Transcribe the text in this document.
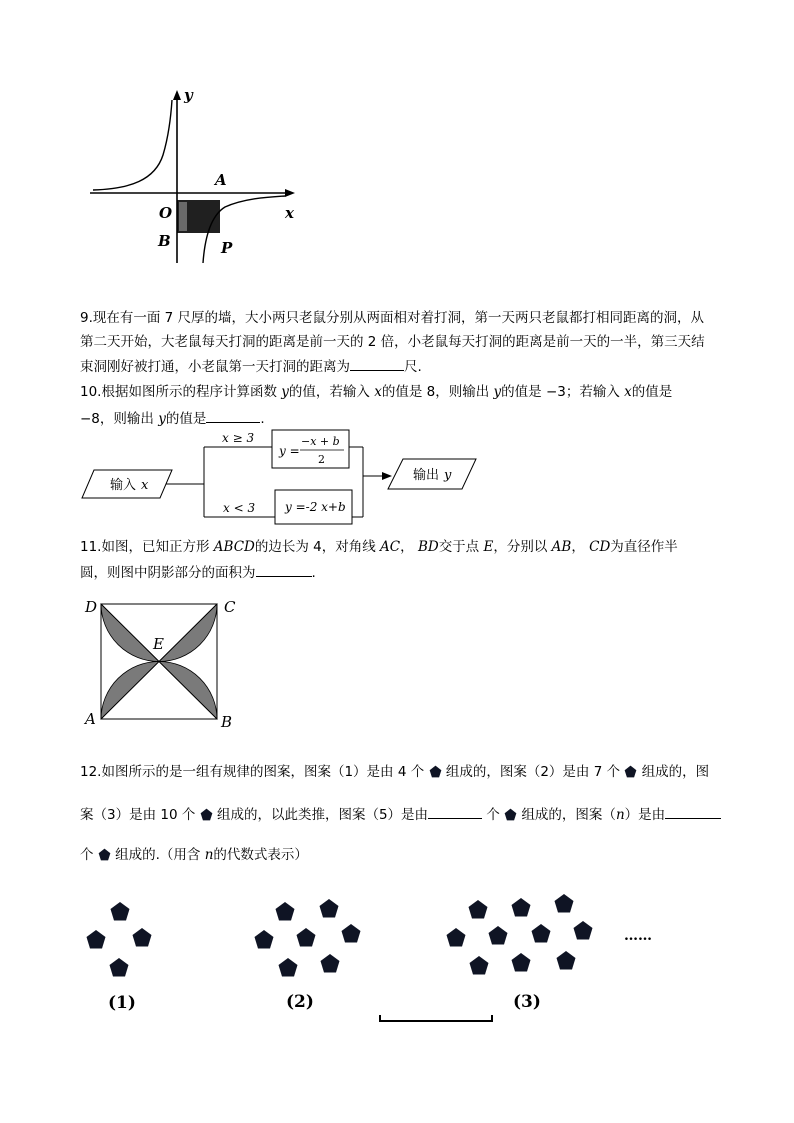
y
x
O
A
B	P
9.现在有一面 7 尺厚的墙，大小两只老鼠分别从两面相对着打洞，第一天两只老鼠都打相同距离的洞，从
第二天开始，大老鼠每天打洞的距离是前一天的 2 倍，小老鼠每天打洞的距离是前一天的一半，第三天结
束洞刚好被打通，小老鼠第一天打洞的距离为	尺.
10.根据如图所示的程序计算函数 y的值，若输入 x的值是 8，则输出 y的值是 −3；若输入 x的值是
−8，则输出 y的值是	.
输入 x
x ≥ 3
x < 3
y =
−x + b
2
y =-2 x+b
输出 y
11.如图，已知正方形 ABCD的边长为 4，对角线 AC， BD交于点 E，分别以 AB， CD为直径作半
圆，则图中阴影部分的面积为	.
D	C
A	B
E
12.如图所示的是一组有规律的图案，图案（1）是由 4 个 组成的，图案（2）是由 7 个 组成的，图
案（3）是由 10 个 组成的，以此类推，图案（5）是由	个 组成的，图案（n）是由
个 组成的.（用含 n的代数式表示）
(1)	(2)	(3)
……
